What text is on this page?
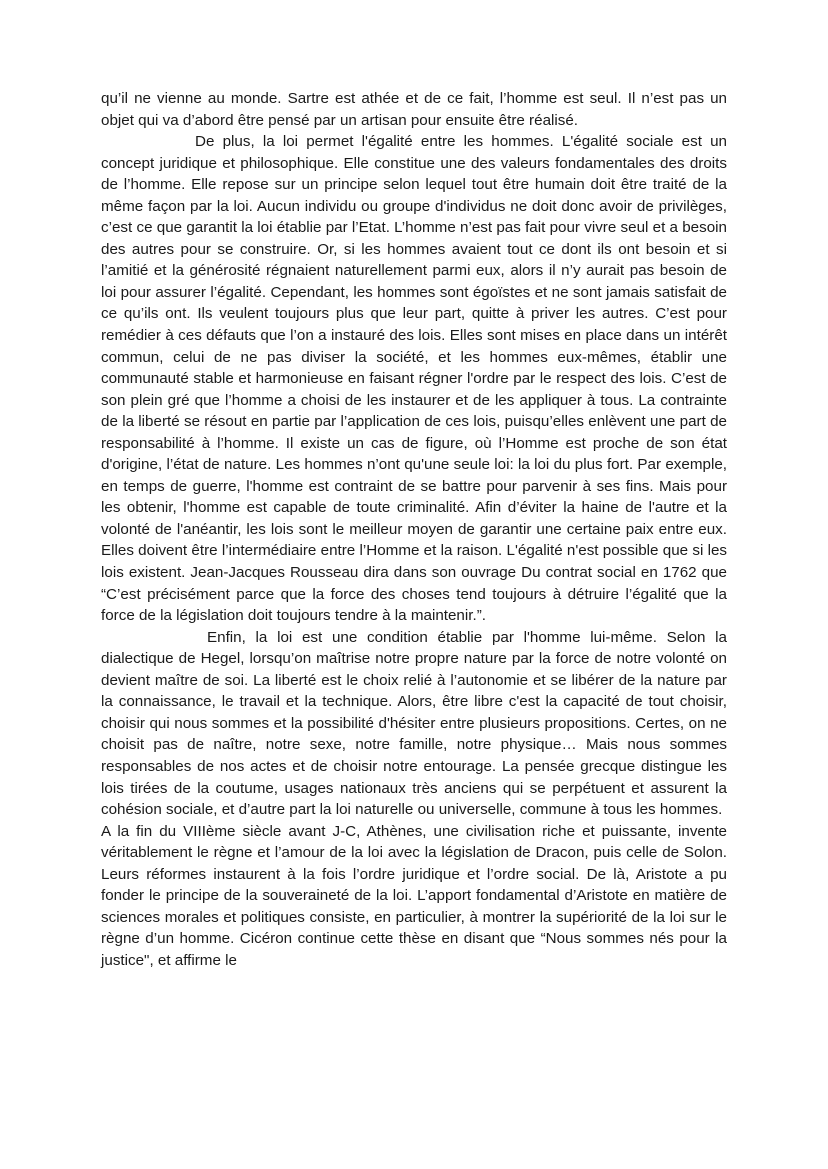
qu’il ne vienne au monde. Sartre est athée et de ce fait, l’homme est seul. Il n’est pas un objet qui va d’abord être pensé par un artisan pour ensuite être réalisé.

De plus, la loi permet l'égalité entre les hommes. L'égalité sociale est un concept juridique et philosophique. Elle constitue une des valeurs fondamentales des droits de l’homme. Elle repose sur un principe selon lequel tout être humain doit être traité de la même façon par la loi. Aucun individu ou groupe d'individus ne doit donc avoir de privilèges, c’est ce que garantit la loi établie par l’Etat. L’homme n’est pas fait pour vivre seul et a besoin des autres pour se construire. Or, si les hommes avaient tout ce dont ils ont besoin et si l’amitié et la générosité régnaient naturellement parmi eux, alors il n’y aurait pas besoin de loi pour assurer l’égalité. Cependant, les hommes sont égoïstes et ne sont jamais satisfait de ce qu’ils ont. Ils veulent toujours plus que leur part, quitte à priver les autres. C’est pour remédier à ces défauts que l’on a instauré des lois. Elles sont mises en place dans un intérêt commun, celui de ne pas diviser la société, et les hommes eux-mêmes, établir une communauté stable et harmonieuse en faisant régner l'ordre par le respect des lois. C’est de son plein gré que l’homme a choisi de les instaurer et de les appliquer à tous. La contrainte de la liberté se résout en partie par l’application de ces lois, puisqu’elles enlèvent une part de responsabilité à l’homme. Il existe un cas de figure, où l’Homme est proche de son état d'origine, l’état de nature. Les hommes n’ont qu'une seule loi: la loi du plus fort. Par exemple, en temps de guerre, l'homme est contraint de se battre pour parvenir à ses fins. Mais pour les obtenir, l'homme est capable de toute criminalité. Afin d’éviter la haine de l'autre et la volonté de l'anéantir, les lois sont le meilleur moyen de garantir une certaine paix entre eux. Elles doivent être l’intermédiaire entre l’Homme et la raison. L'égalité n'est possible que si les lois existent. Jean-Jacques Rousseau dira dans son ouvrage Du contrat social en 1762 que “C’est précisément parce que la force des choses tend toujours à détruire l’égalité que la force de la législation doit toujours tendre à la maintenir.”.

Enfin, la loi est une condition établie par l'homme lui-même. Selon la dialectique de Hegel, lorsqu’on maîtrise notre propre nature par la force de notre volonté on devient maître de soi. La liberté est le choix relié à l’autonomie et se libérer de la nature par la connaissance, le travail et la technique. Alors, être libre c'est la capacité de tout choisir, choisir qui nous sommes et la possibilité d'hésiter entre plusieurs propositions. Certes, on ne choisit pas de naître, notre sexe, notre famille, notre physique… Mais nous sommes responsables de nos actes et de choisir notre entourage. La pensée grecque distingue les lois tirées de la coutume, usages nationaux très anciens qui se perpétuent et assurent la cohésion sociale, et d’autre part la loi naturelle ou universelle, commune à tous les hommes.

A la fin du VIIIème siècle avant J-C, Athènes, une civilisation riche et puissante, invente véritablement le règne et l’amour de la loi avec la législation de Dracon, puis celle de Solon. Leurs réformes instaurent à la fois l’ordre juridique et l’ordre social. De là, Aristote a pu fonder le principe de la souveraineté de la loi. L’apport fondamental d’Aristote en matière de sciences morales et politiques consiste, en particulier, à montrer la supériorité de la loi sur le règne d’un homme. Cicéron continue cette thèse en disant que “Nous sommes nés pour la justice", et affirme le
